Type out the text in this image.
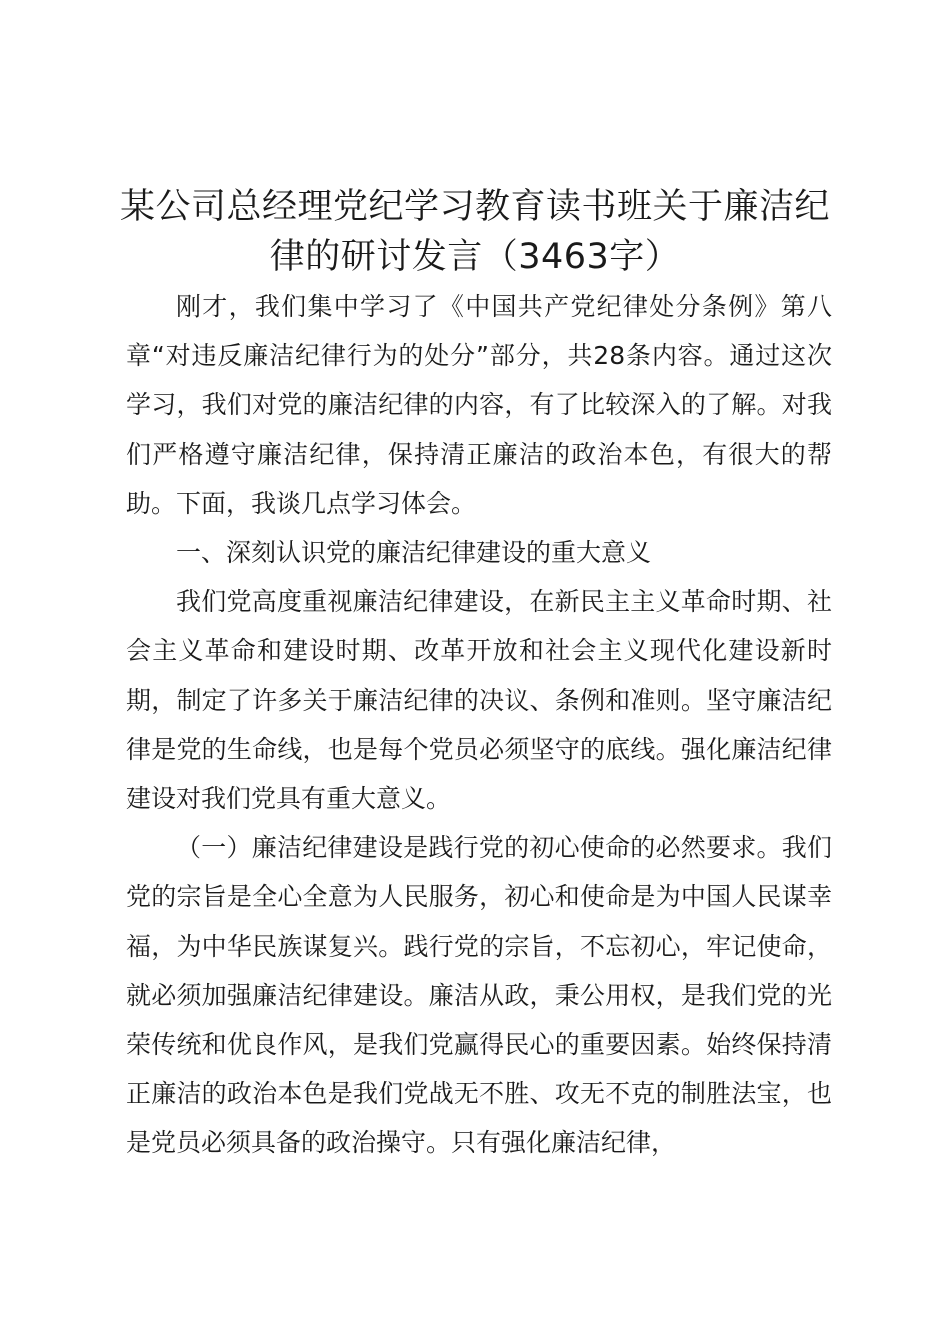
某公司总经理党纪学习教育读书班关于廉洁纪律的研讨发言（3463字）

刚才，我们集中学习了《中国共产党纪律处分条例》第八章“对违反廉洁纪律行为的处分”部分，共28条内容。通过这次学习，我们对党的廉洁纪律的内容，有了比较深入的了解。对我们严格遵守廉洁纪律，保持清正廉洁的政治本色，有很大的帮助。下面，我谈几点学习体会。

一、深刻认识党的廉洁纪律建设的重大意义

我们党高度重视廉洁纪律建设，在新民主主义革命时期、社会主义革命和建设时期、改革开放和社会主义现代化建设新时期，制定了许多关于廉洁纪律的决议、条例和准则。坚守廉洁纪律是党的生命线，也是每个党员必须坚守的底线。强化廉洁纪律建设对我们党具有重大意义。

（一）廉洁纪律建设是践行党的初心使命的必然要求。我们党的宗旨是全心全意为人民服务，初心和使命是为中国人民谋幸福，为中华民族谋复兴。践行党的宗旨，不忘初心，牢记使命，就必须加强廉洁纪律建设。廉洁从政，秉公用权，是我们党的光荣传统和优良作风，是我们党赢得民心的重要因素。始终保持清正廉洁的政治本色是我们党战无不胜、攻无不克的制胜法宝，也是党员必须具备的政治操守。只有强化廉洁纪律，
